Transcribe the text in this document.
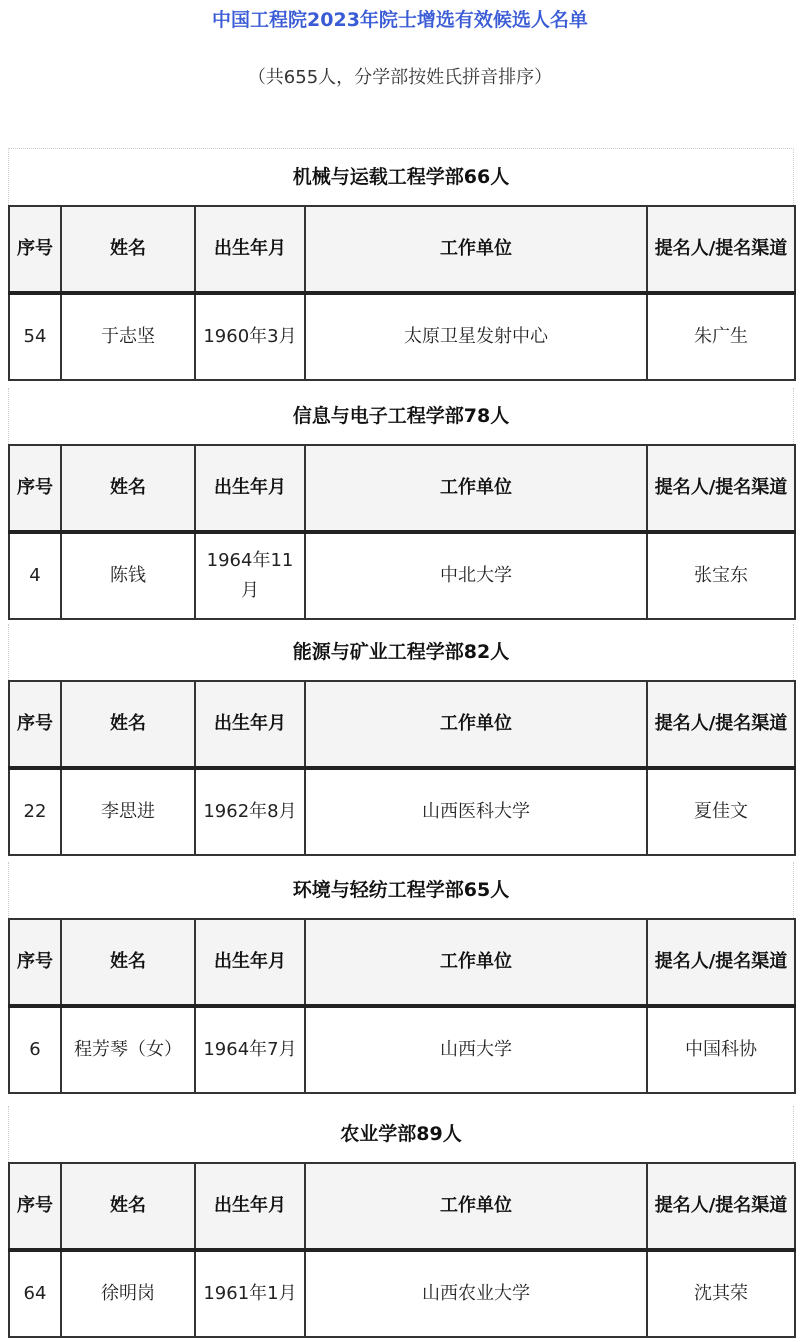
中国工程院2023年院士增选有效候选人名单
（共655人，分学部按姓氏拼音排序）
机械与运载工程学部66人
序号	姓名	出生年月	工作单位	提名人/提名渠道
54	于志坚	1960年3月	太原卫星发射中心	朱广生
信息与电子工程学部78人
序号	姓名	出生年月	工作单位	提名人/提名渠道
4	陈钱	1964年11月	中北大学	张宝东
能源与矿业工程学部82人
序号	姓名	出生年月	工作单位	提名人/提名渠道
22	李思进	1962年8月	山西医科大学	夏佳文
环境与轻纺工程学部65人
序号	姓名	出生年月	工作单位	提名人/提名渠道
6	程芳琴（女）	1964年7月	山西大学	中国科协
农业学部89人
序号	姓名	出生年月	工作单位	提名人/提名渠道
64	徐明岗	1961年1月	山西农业大学	沈其荣
